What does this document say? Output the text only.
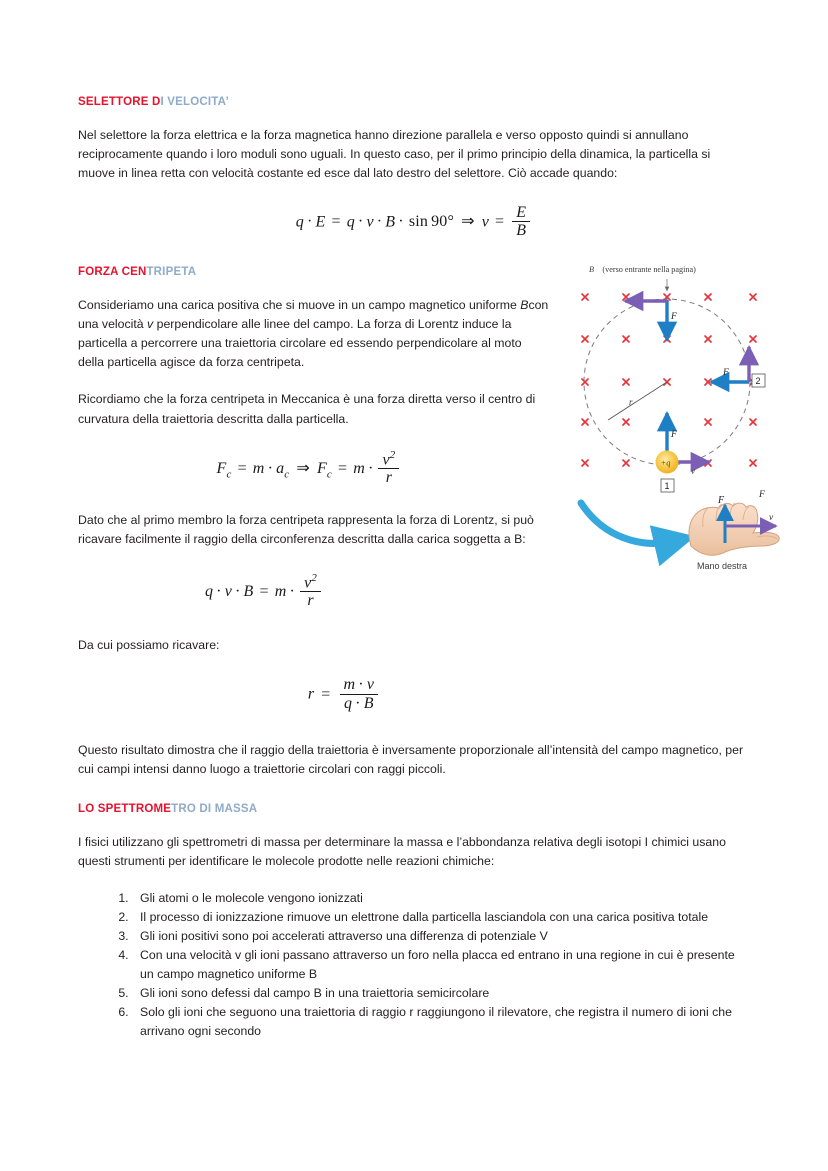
SELETTORE DI VELOCITA’

Nel selettore la forza elettrica e la forza magnetica hanno direzione parallela e verso opposto quindi si annullano reciprocamente quando i loro moduli sono uguali. In questo caso, per il primo principio della dinamica, la particella si muove in linea retta con velocità costante ed esce dal lato destro del selettore. Ciò accade quando:

q · E = q · v · B · sin 90° ⇒ $v = \frac{E}{B}$
FORZA CENTRIPETA

Consideriamo una carica positiva che si muove in un campo magnetico uniforme Bcon una velocità v perpendicolare alle linee del campo. La forza di Lorentz induce la particella a percorrere una traiettoria circolare ed essendo perpendicolare al moto della particella agisce da forza centripeta.

Ricordiamo che la forza centripeta in Meccanica è una forza diretta verso il centro di curvatura della traiettoria descritta dalla particella.

$F_c = m \cdot a_c$ ⇒ $F_c = m \cdot \frac{v^2}{r}$

Dato che al primo membro la forza centripeta rappresenta la forza di Lorentz, si può ricavare facilmente il raggio della circonferenza descritta dalla carica soggetta a B:

$q \cdot v \cdot B = m \cdot \frac{v^2}{r}$

Da cui possiamo ricavare:

$r = \frac{m \cdot v}{q \cdot B}$

Questo risultato dimostra che il raggio della traiettoria è inversamente proporzionale all’intensità del campo magnetico, per cui campi intensi danno luogo a traiettorie circolari con raggi piccoli.

LO SPETTROMETRO DI MASSA

I fisici utilizzano gli spettrometri di massa per determinare la massa e l’abbondanza relativa degli isotopi I chimici usano questi strumenti per identificare le molecole prodotte nelle reazioni chimiche:

1. Gli atomi o le molecole vengono ionizzati
2. Il processo di ionizzazione rimuove un elettrone dalla particella lasciandola con una carica positiva totale
3. Gli ioni positivi sono poi accelerati attraverso una differenza di potenziale V
4. Con una velocità v gli ioni passano attraverso un foro nella placca ed entrano in una regione in cui è presente un campo magnetico uniforme B
5. Gli ioni sono defessi dal campo B in una traiettoria semicircolare
6. Solo gli ioni che seguono una traiettoria di raggio r raggiungono il rilevatore, che registra il numero di ioni che arrivano ogni secondo
B⃗ (verso entrante nella pagina)
r
F⃗
F⃗
2
F⃗
v⃗
+q
1
F⃗
F⃗
v⃗
Mano destra
